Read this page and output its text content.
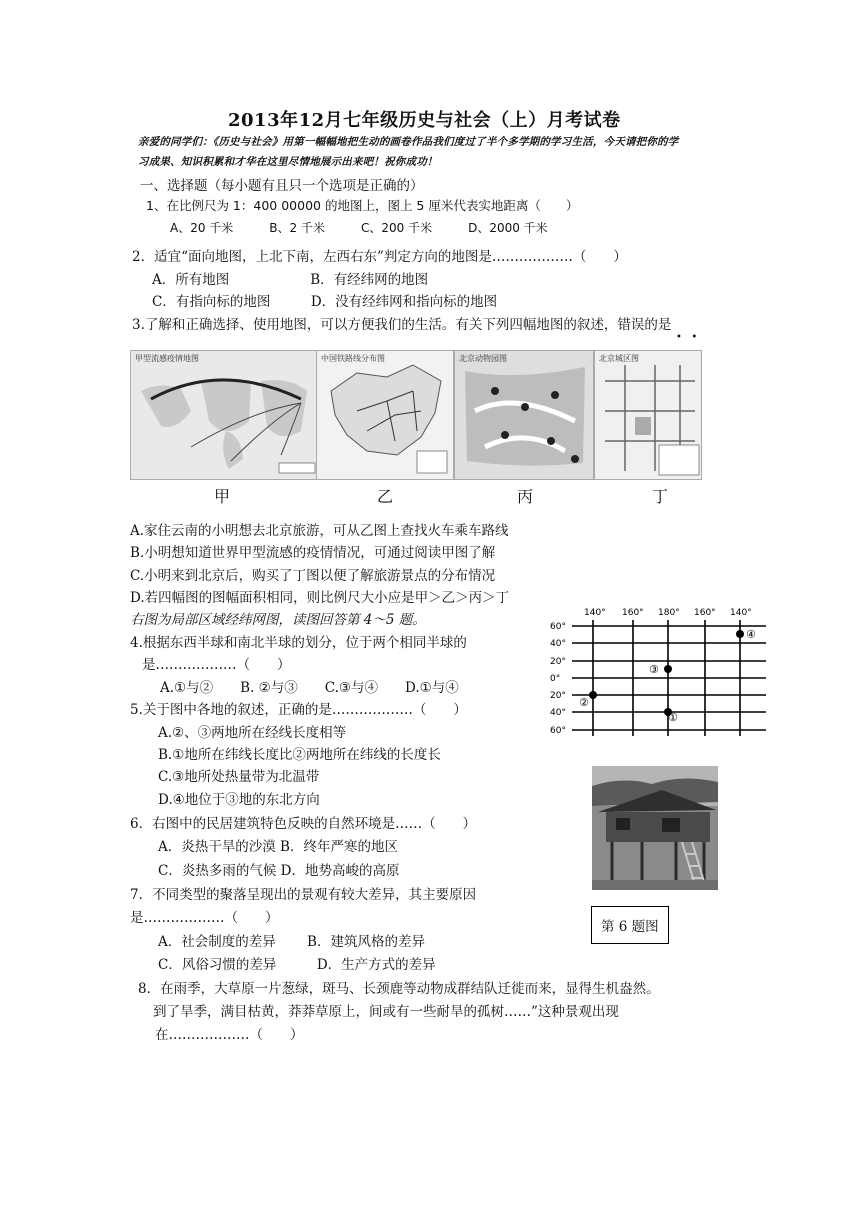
2013年12月七年级历史与社会（上）月考试卷
亲爱的同学们：《历史与社会》用第一幅幅地把生动的画卷作品我们度过了半个多学期的学习生活，今天请把你的学
习成果、知识积累和才华在这里尽情地展示出来吧！祝你成功！
一、选择题（每小题有且只一个选项是正确的）
1、在比例尺为 1：400 00000 的地图上，图上 5 厘米代表实地距离（　　）
A、20 千米　　　B、2 千米　　　C、200 千米　　　D、2000 千米
2．适宜“面向地图，上北下南，左西右东”判定方向的地图是………………（　　）
A．所有地图　　　　　　B．有经纬网的地图
C．有指向标的地图　　　D．没有经纬网和指向标的地图
3.了解和正确选择、使用地图，可以方便我们的生活。有关下列四幅地图的叙述，错误的是
•   •
甲型流感疫情地图	中国铁路线分布图	北京动物园图	北京城区图
甲	乙	丙	丁
A.家住云南的小明想去北京旅游，可从乙图上查找火车乘车路线
B.小明想知道世界甲型流感的疫情情况，可通过阅读甲图了解
C.小明来到北京后，购买了丁图以便了解旅游景点的分布情况
D.若四幅图的图幅面积相同，则比例尺大小应是甲＞乙＞丙＞丁
右图为局部区域经纬网图，读图回答第 4～5 题。
4.根据东西半球和南北半球的划分，位于两个相同半球的
是………………（　　）
A.①与②　　B. ②与③　　C.③与④　　D.①与④
5.关于图中各地的叙述，正确的是………………（　　）
A.②、③两地所在经线长度相等
B.①地所在纬线长度比②两地所在纬线的长度长
C.③地所处热量带为北温带
D.④地位于③地的东北方向
140° 160° 180° 160° 140°
60°
40°
20°
0°
20°
40°
60°
①
②
③
④
第 6 题图
6．右图中的民居建筑特色反映的自然环境是……（　　）
A．炎热干旱的沙漠 B．终年严寒的地区
C．炎热多雨的气候 D．地势高峻的高原
7．不同类型的聚落呈现出的景观有较大差异，其主要原因
是………………（　　）
A．社会制度的差异　　 B．建筑风格的差异
C．风俗习惯的差异　　　D．生产方式的差异
8．在雨季，大草原一片葱绿，斑马、长颈鹿等动物成群结队迁徙而来，显得生机盎然。
到了旱季，满目枯黄，莽莽草原上，间或有一些耐旱的孤树……”这种景观出现
在………………（　　）
